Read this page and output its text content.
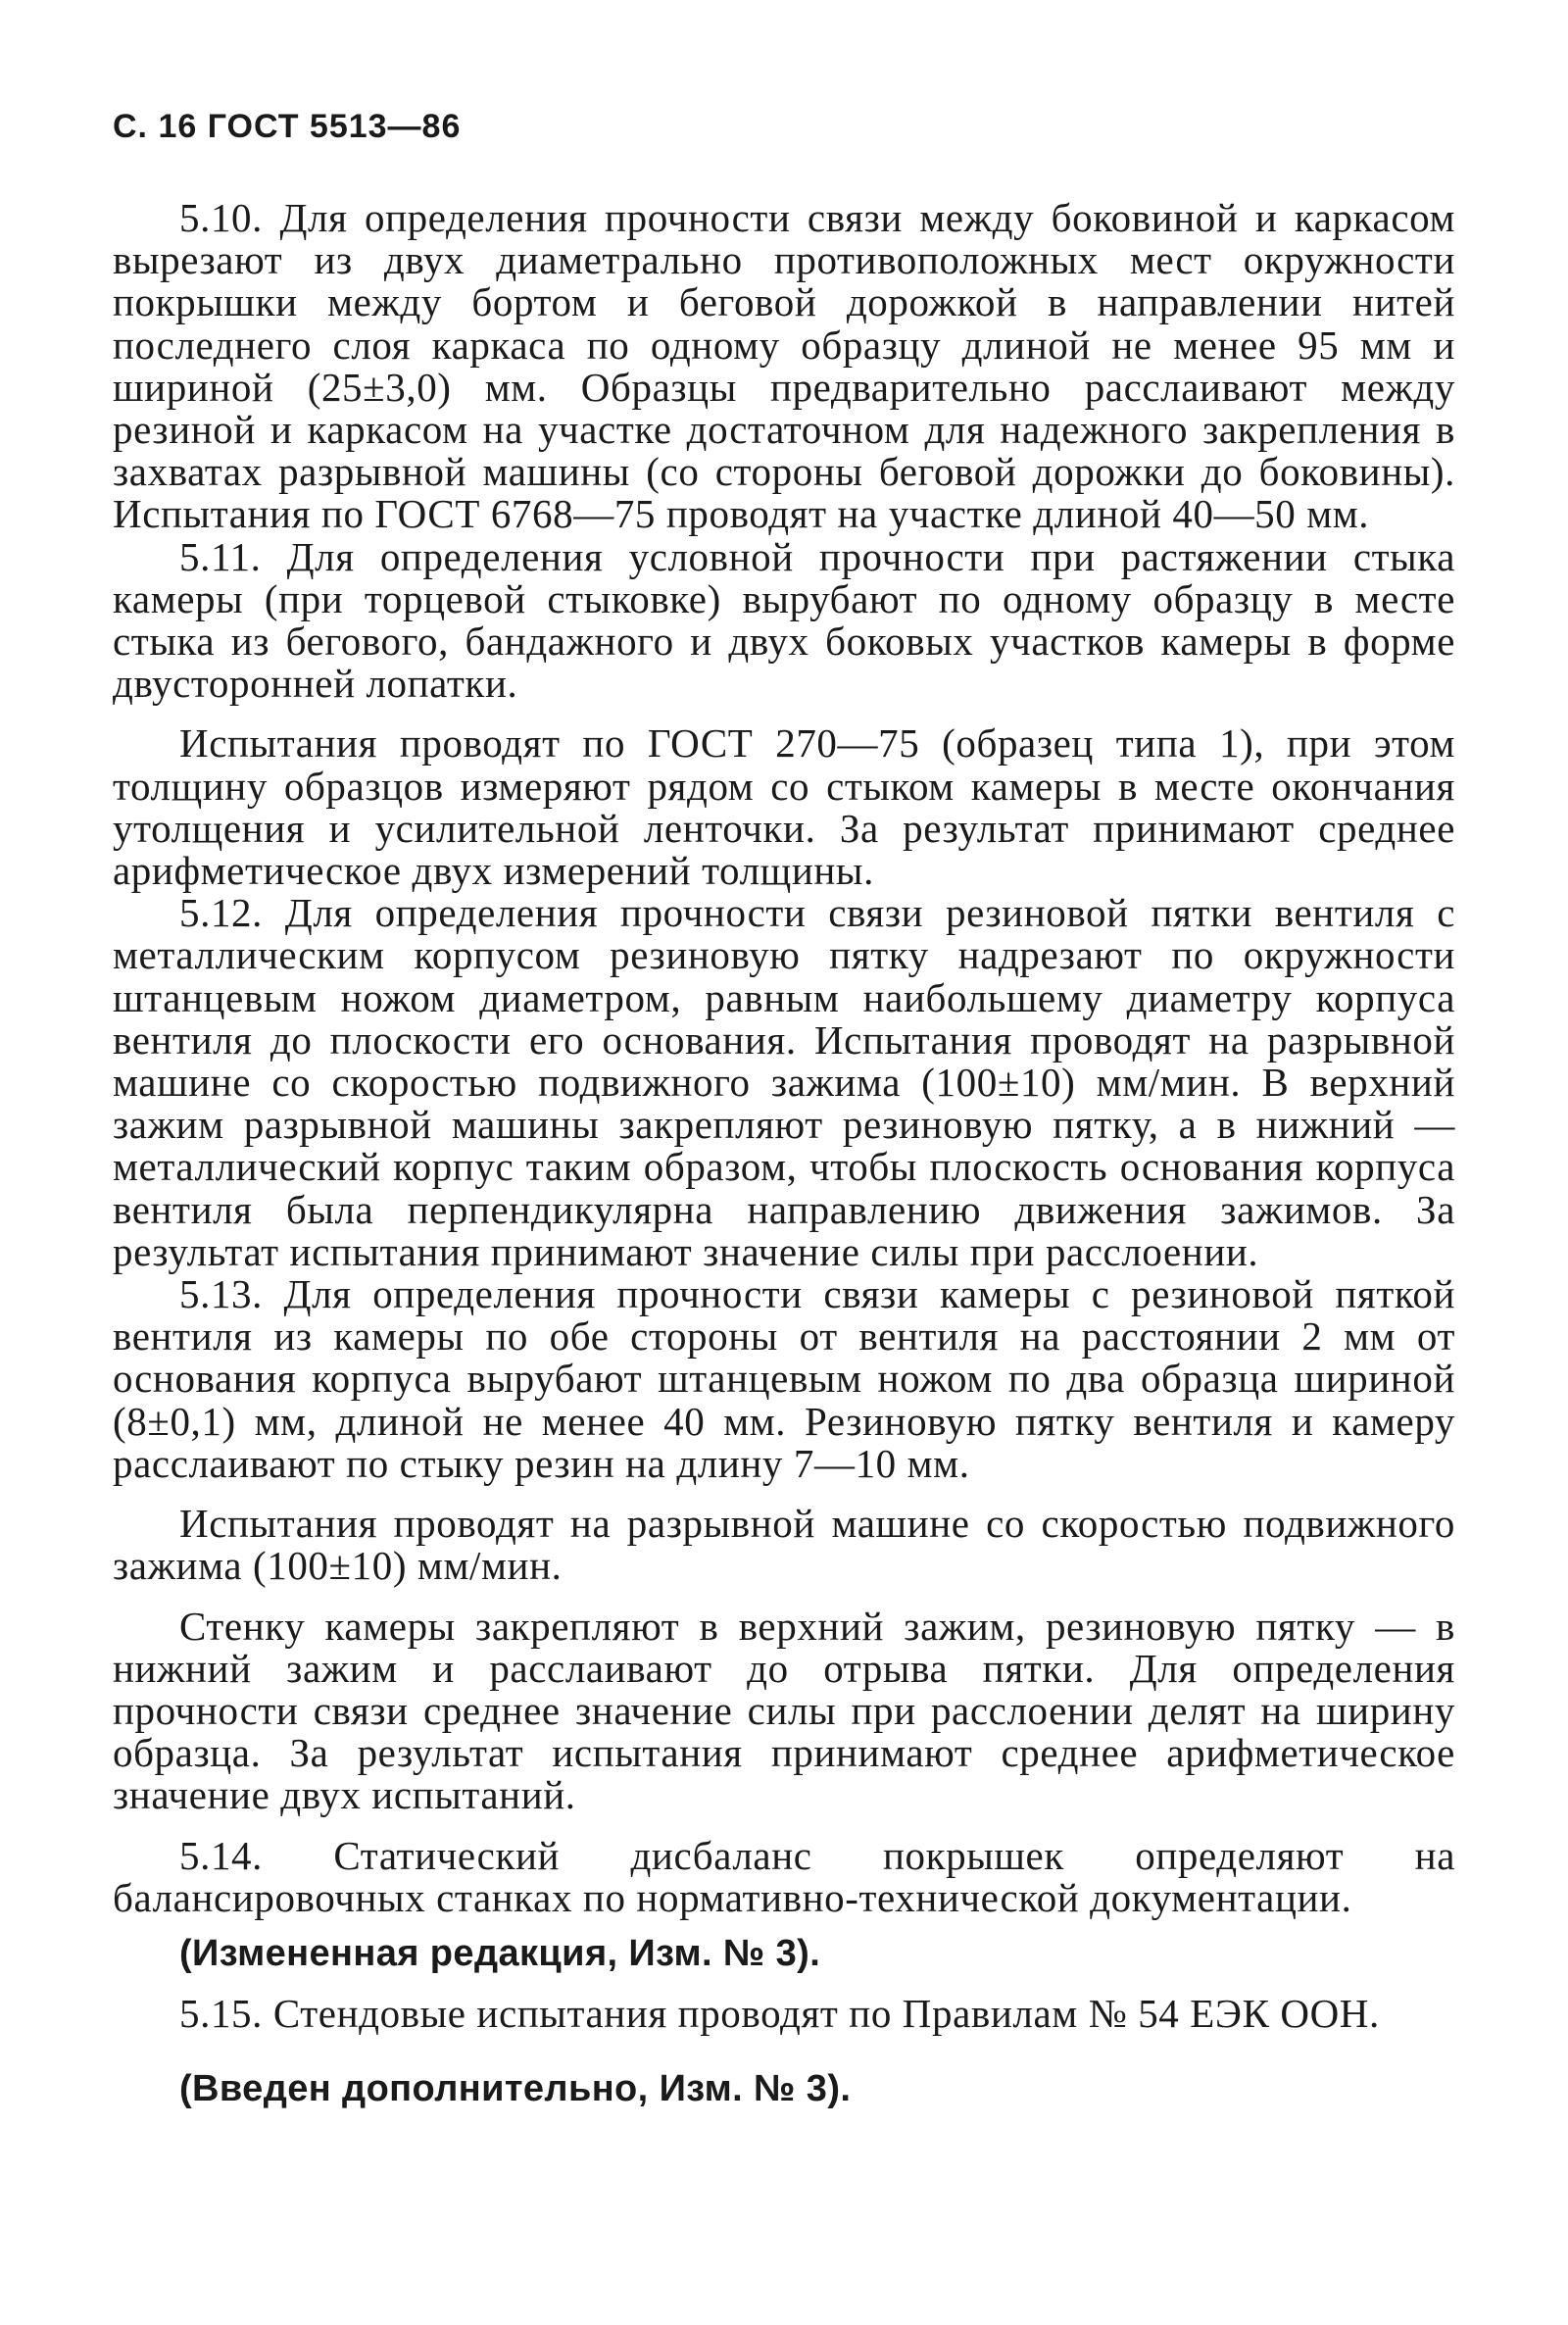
С. 16 ГОСТ 5513—86

5.10. Для определения прочности связи между боковиной и каркасом вырезают из двух диаметрально противоположных мест окружности покрышки между бортом и беговой дорожкой в направлении нитей последнего слоя каркаса по одному образцу длиной не менее 95 мм и шириной (25±3,0) мм. Образцы предварительно расслаивают между резиной и каркасом на участке достаточном для надежного закрепления в захватах разрывной машины (со стороны беговой дорожки до боковины). Испытания по ГОСТ 6768—75 проводят на участке длиной 40—50 мм.

5.11. Для определения условной прочности при растяжении стыка камеры (при торцевой стыковке) вырубают по одному образцу в месте стыка из бегового, бандажного и двух боковых участков камеры в форме двусторонней лопатки.

Испытания проводят по ГОСТ 270—75 (образец типа 1), при этом толщину образцов измеряют рядом со стыком камеры в месте окончания утолщения и усилительной ленточки. За результат принимают среднее арифметическое двух измерений толщины.

5.12. Для определения прочности связи резиновой пятки вентиля с металлическим корпусом резиновую пятку надрезают по окружности штанцевым ножом диаметром, равным наибольшему диаметру корпуса вентиля до плоскости его основания. Испытания проводят на разрывной машине со скоростью подвижного зажима (100±10) мм/мин. В верхний зажим разрывной машины закрепляют резиновую пятку, а в нижний — металлический корпус таким образом, чтобы плоскость основания корпуса вентиля была перпендикулярна направлению движения зажимов. За результат испытания принимают значение силы при расслоении.

5.13. Для определения прочности связи камеры с резиновой пяткой вентиля из камеры по обе стороны от вентиля на расстоянии 2 мм от основания корпуса вырубают штанцевым ножом по два образца шириной (8±0,1) мм, длиной не менее 40 мм. Резиновую пятку вентиля и камеру расслаивают по стыку резин на длину 7—10 мм.

Испытания проводят на разрывной машине со скоростью подвижного зажима (100±10) мм/мин.

Стенку камеры закрепляют в верхний зажим, резиновую пятку — в нижний зажим и расслаивают до отрыва пятки. Для определения прочности связи среднее значение силы при расслоении делят на ширину образца. За результат испытания принимают среднее арифметическое значение двух испытаний.

5.14. Статический дисбаланс покрышек определяют на балансировочных станках по нормативно-технической документации.

(Измененная редакция, Изм. № 3).

5.15. Стендовые испытания проводят по Правилам № 54 ЕЭК ООН.

(Введен дополнительно, Изм. № 3).
